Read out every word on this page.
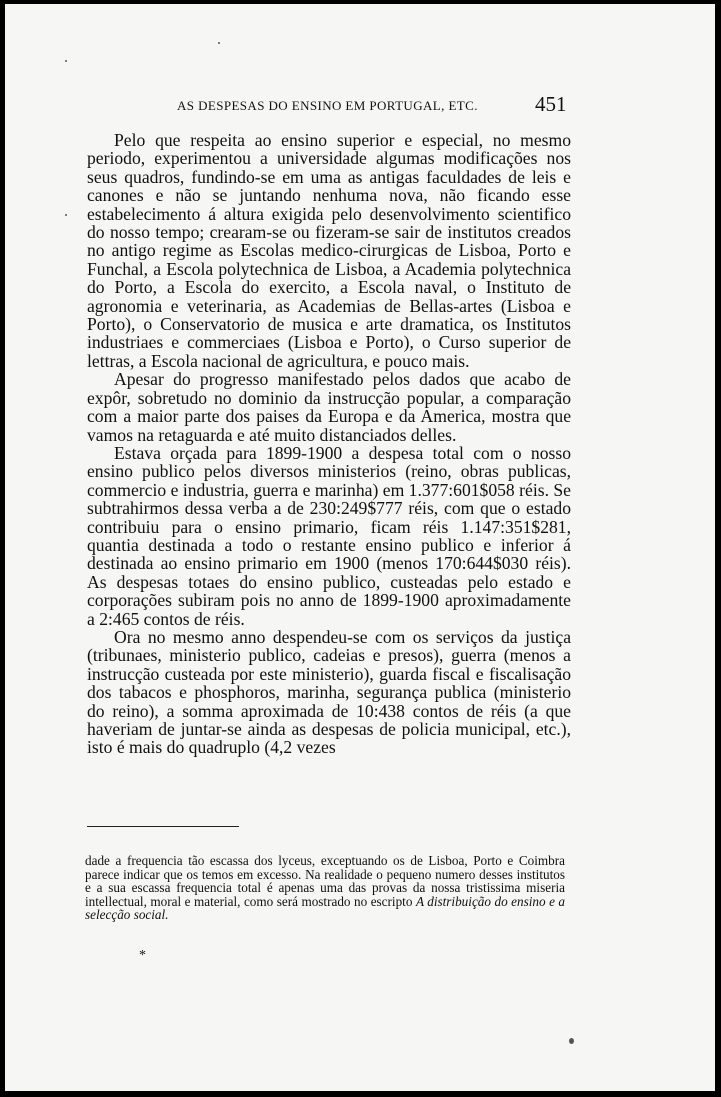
AS DESPESAS DO ENSINO EM PORTUGAL, ETC.	451

Pelo que respeita ao ensino superior e especial, no mesmo periodo, experimentou a universidade algumas modificações nos seus quadros, fundindo-se em uma as antigas faculdades de leis e canones e não se juntando nenhuma nova, não ficando esse estabelecimento á altura exigida pelo desenvolvimento scientifico do nosso tempo; crearam-se ou fizeram-se sair de institutos creados no antigo regime as Escolas medico-cirurgicas de Lisboa, Porto e Funchal, a Escola polytechnica de Lisboa, a Academia polytechnica do Porto, a Escola do exercito, a Escola naval, o Instituto de agronomia e veterinaria, as Academias de Bellas-artes (Lisboa e Porto), o Conservatorio de musica e arte dramatica, os Institutos industriaes e commerciaes (Lisboa e Porto), o Curso superior de lettras, a Escola nacional de agricultura, e pouco mais.

Apesar do progresso manifestado pelos dados que acabo de expôr, sobretudo no dominio da instrucção popular, a comparação com a maior parte dos paises da Europa e da America, mostra que vamos na retaguarda e até muito distanciados delles.

Estava orçada para 1899-1900 a despesa total com o nosso ensino publico pelos diversos ministerios (reino, obras publicas, commercio e industria, guerra e marinha) em 1.377:601$058 réis. Se subtrahirmos dessa verba a de 230:249$777 réis, com que o estado contribuiu para o ensino primario, ficam réis 1.147:351$281, quantia destinada a todo o restante ensino publico e inferior á destinada ao ensino primario em 1900 (menos 170:644$030 réis). As despesas totaes do ensino publico, custeadas pelo estado e corporações subiram pois no anno de 1899-1900 aproximadamente a 2:465 contos de réis.

Ora no mesmo anno despendeu-se com os serviços da justiça (tribunaes, ministerio publico, cadeias e presos), guerra (menos a instrucção custeada por este ministerio), guarda fiscal e fiscalisação dos tabacos e phosphoros, marinha, segurança publica (ministerio do reino), a somma aproximada de 10:438 contos de réis (a que haveriam de juntar-se ainda as despesas de policia municipal, etc.), isto é mais do quadruplo (4,2 vezes

dade a frequencia tão escassa dos lyceus, exceptuando os de Lisboa, Porto e Coimbra parece indicar que os temos em excesso. Na realidade o pequeno numero desses institutos e a sua escassa frequencia total é apenas uma das provas da nossa tristissima miseria intellectual, moral e material, como será mostrado no escripto A distribuição do ensino e a selecção social.
*
